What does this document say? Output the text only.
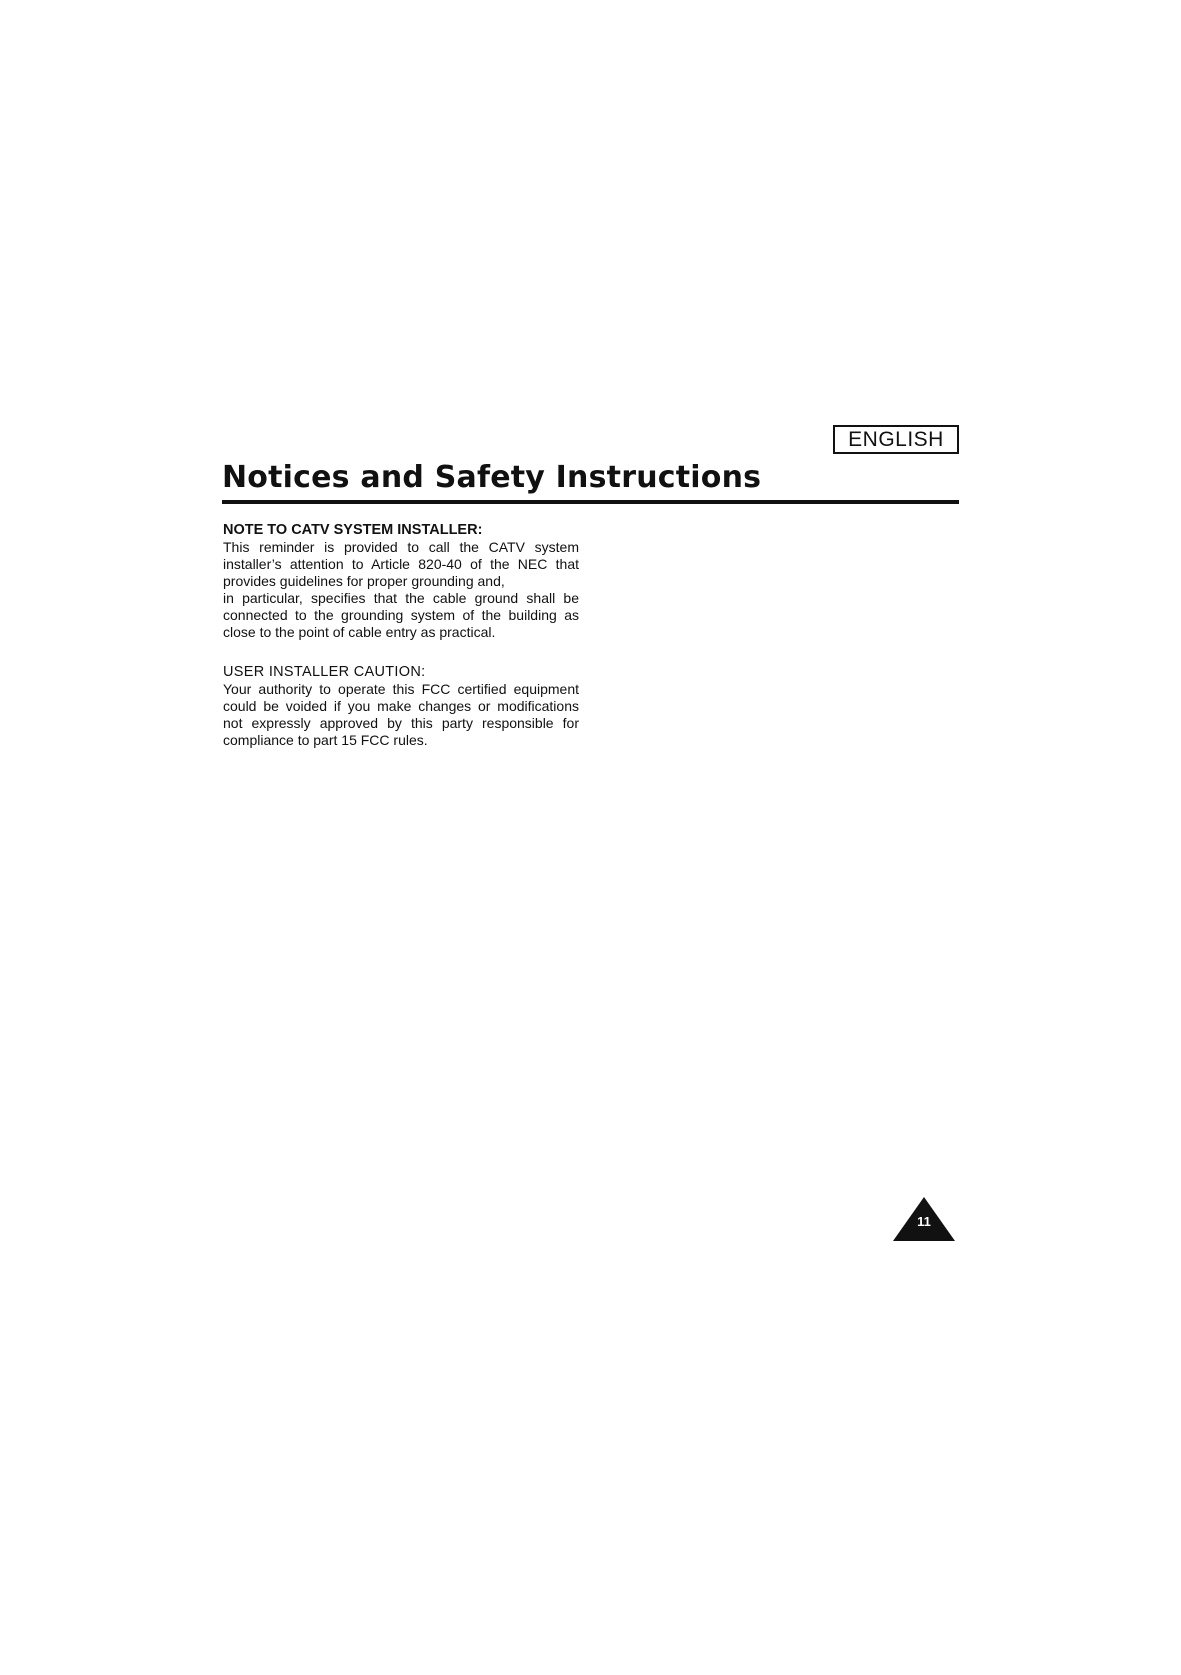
ENGLISH
Notices and Safety Instructions

NOTE TO CATV SYSTEM INSTALLER:

This reminder is provided to call the CATV system
installer’s attention to Article 820-40 of the NEC that
provides guidelines for proper grounding and,
in particular, specifies that the cable ground shall be
connected to the grounding system of the building as
close to the point of cable entry as practical.

USER INSTALLER CAUTION:

Your authority to operate this FCC certified equipment
could be voided if you make changes or modifications
not expressly approved by this party responsible for
compliance to part 15 FCC rules.

11
